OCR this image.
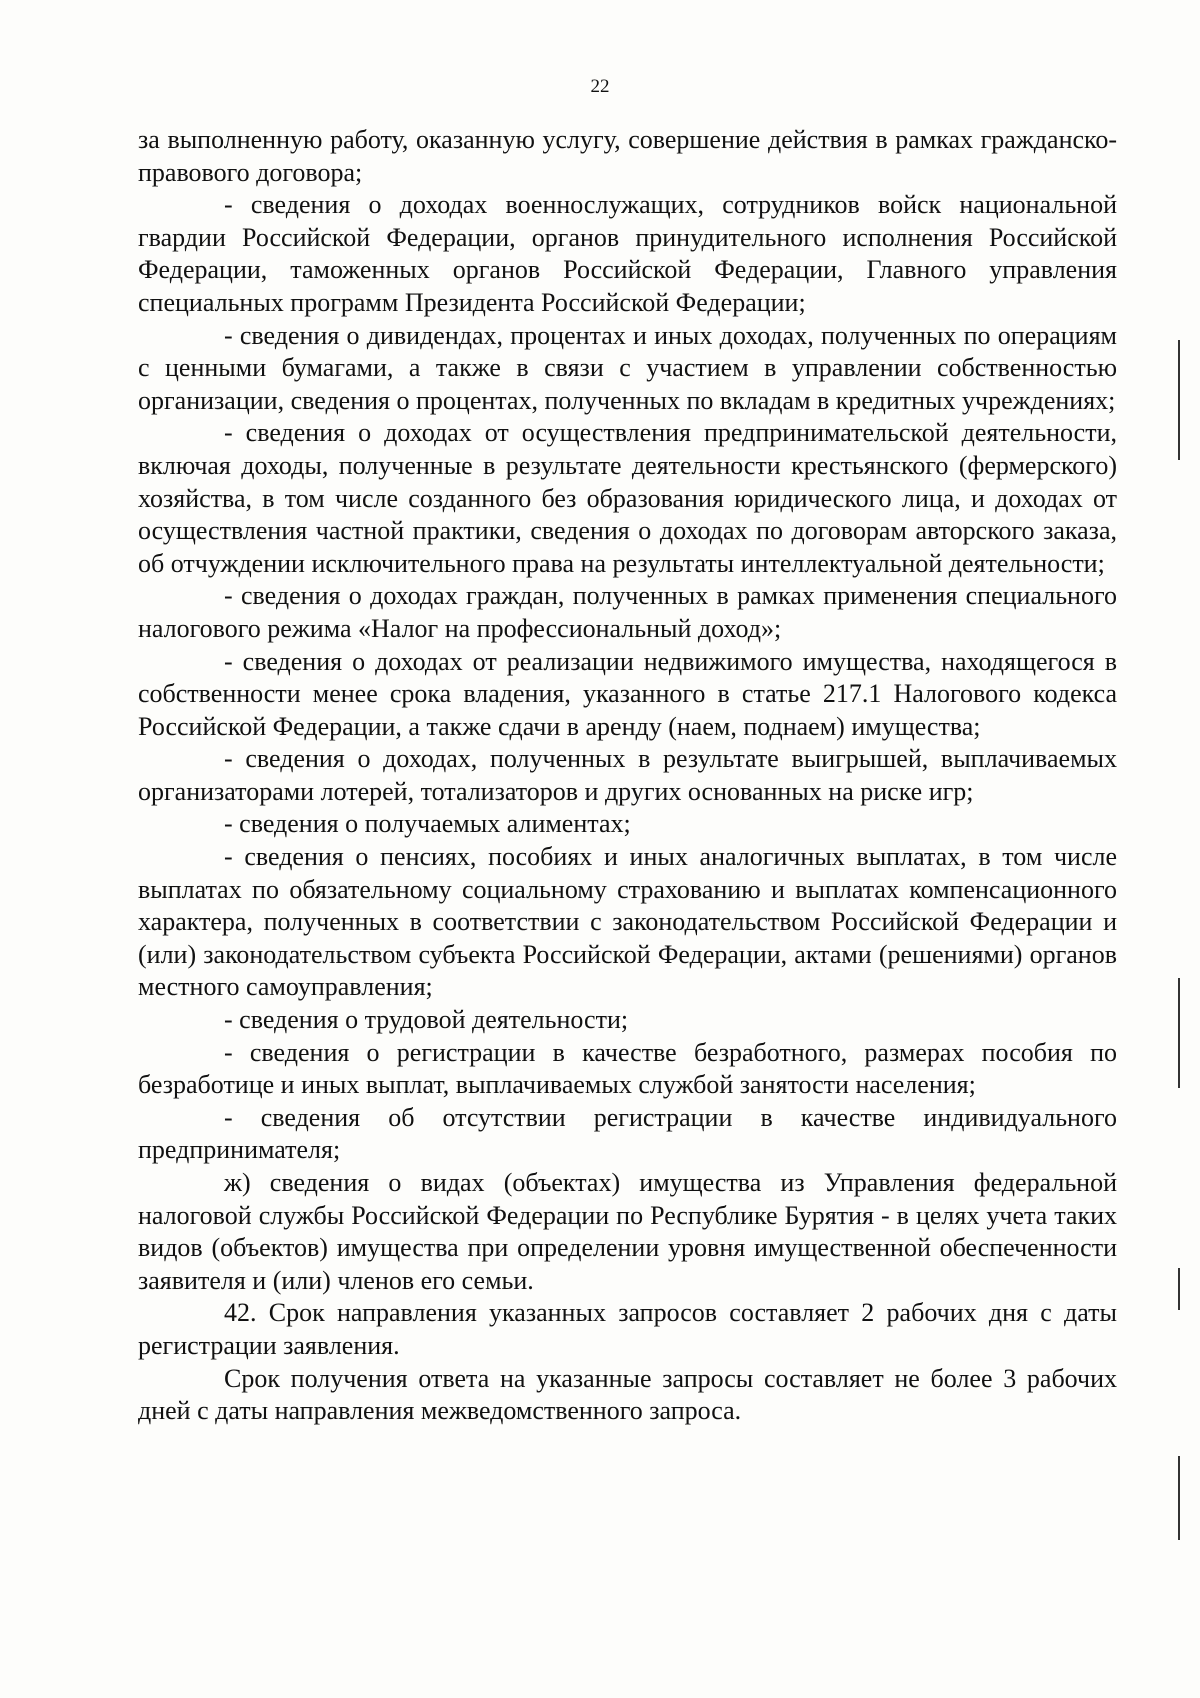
22

за выполненную работу, оказанную услугу, совершение действия в рамках гражданско-правового договора;

- сведения о доходах военнослужащих, сотрудников войск национальной гвардии Российской Федерации, органов принудительного исполнения Российской Федерации, таможенных органов Российской Федерации, Главного управления специальных программ Президента Российской Федерации;

- сведения о дивидендах, процентах и иных доходах, полученных по операциям с ценными бумагами, а также в связи с участием в управлении собственностью организации, сведения о процентах, полученных по вкладам в кредитных учреждениях;

- сведения о доходах от осуществления предпринимательской деятельности, включая доходы, полученные в результате деятельности крестьянского (фермерского) хозяйства, в том числе созданного без образования юридического лица, и доходах от осуществления частной практики, сведения о доходах по договорам авторского заказа, об отчуждении исключительного права на результаты интеллектуальной деятельности;

- сведения о доходах граждан, полученных в рамках применения специального налогового режима «Налог на профессиональный доход»;

- сведения о доходах от реализации недвижимого имущества, находящегося в собственности менее срока владения, указанного в статье 217.1 Налогового кодекса Российской Федерации, а также сдачи в аренду (наем, поднаем) имущества;

- сведения о доходах, полученных в результате выигрышей, выплачиваемых организаторами лотерей, тотализаторов и других основанных на риске игр;

- сведения о получаемых алиментах;

- сведения о пенсиях, пособиях и иных аналогичных выплатах, в том числе выплатах по обязательному социальному страхованию и выплатах компенсационного характера, полученных в соответствии с законодательством Российской Федерации и (или) законодательством субъекта Российской Федерации, актами (решениями) органов местного самоуправления;

- сведения о трудовой деятельности;

- сведения о регистрации в качестве безработного, размерах пособия по безработице и иных выплат, выплачиваемых службой занятости населения;

- сведения об отсутствии регистрации в качестве индивидуального предпринимателя;

ж) сведения о видах (объектах) имущества из Управления федеральной налоговой службы Российской Федерации по Республике Бурятия - в целях учета таких видов (объектов) имущества при определении уровня имущественной обеспеченности заявителя и (или) членов его семьи.

42. Срок направления указанных запросов составляет 2 рабочих дня с даты регистрации заявления.

Срок получения ответа на указанные запросы составляет не более 3 рабочих дней с даты направления межведомственного запроса.
